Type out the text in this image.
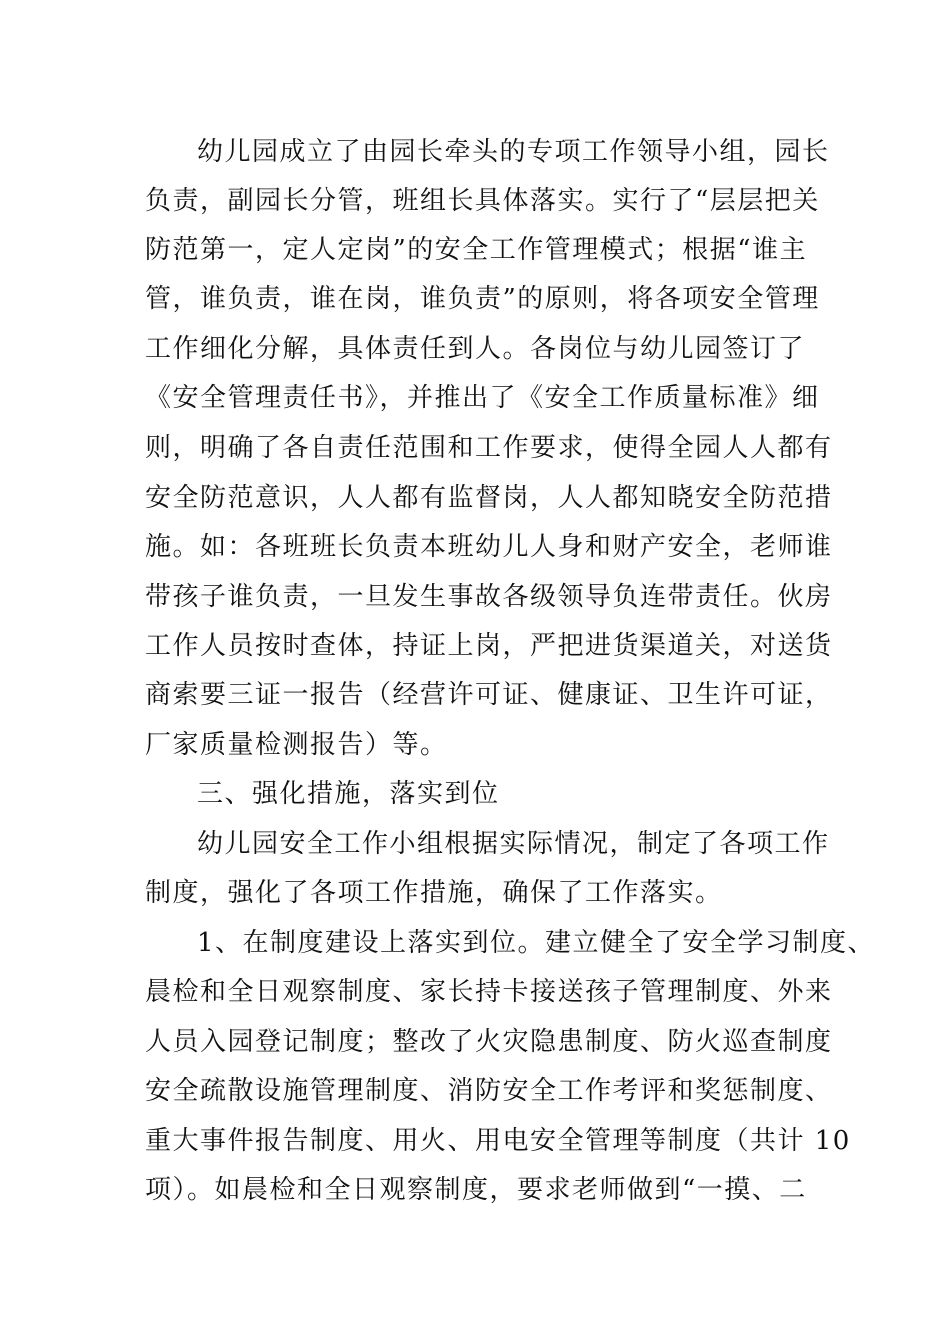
幼儿园成立了由园长牵头的专项工作领导小组，园长
负责，副园长分管，班组长具体落实。实行了“层层把关
防范第一，定人定岗”的安全工作管理模式；根据“谁主
管，谁负责，谁在岗，谁负责”的原则，将各项安全管理
工作细化分解，具体责任到人。各岗位与幼儿园签订了
《安全管理责任书》，并推出了《安全工作质量标准》细
则，明确了各自责任范围和工作要求，使得全园人人都有
安全防范意识，人人都有监督岗，人人都知晓安全防范措
施。如：各班班长负责本班幼儿人身和财产安全，老师谁
带孩子谁负责，一旦发生事故各级领导负连带责任。伙房
工作人员按时查体，持证上岗，严把进货渠道关，对送货
商索要三证一报告（经营许可证、健康证、卫生许可证，
厂家质量检测报告）等。
三、强化措施，落实到位
幼儿园安全工作小组根据实际情况，制定了各项工作
制度，强化了各项工作措施，确保了工作落实。
1、在制度建设上落实到位。建立健全了安全学习制度、
晨检和全日观察制度、家长持卡接送孩子管理制度、外来
人员入园登记制度；整改了火灾隐患制度、防火巡查制度
安全疏散设施管理制度、消防安全工作考评和奖惩制度、
重大事件报告制度、用火、用电安全管理等制度（共计 10
项）。如晨检和全日观察制度，要求老师做到“一摸、二
